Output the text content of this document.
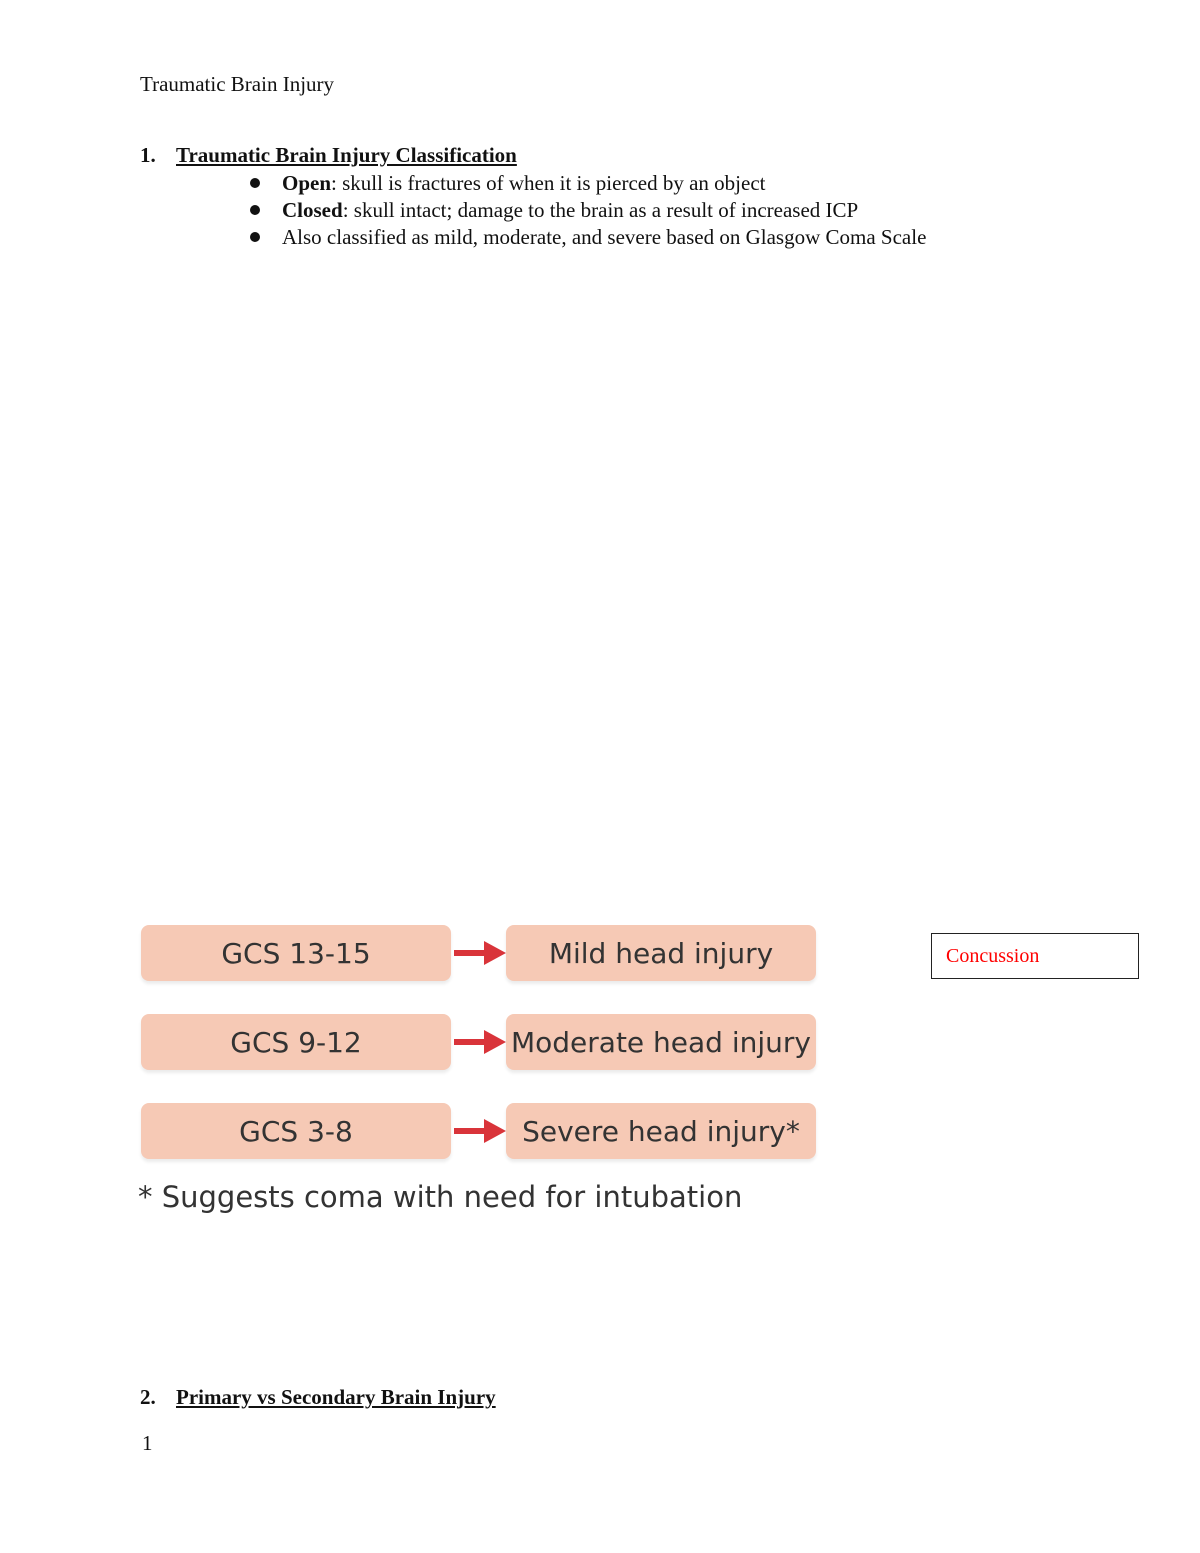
Traumatic Brain Injury
1. Traumatic Brain Injury Classification
Open: skull is fractures of when it is pierced by an object
Closed: skull intact; damage to the brain as a result of increased ICP
Also classified as mild, moderate, and severe based on Glasgow Coma Scale
GCS 13-15	Mild head injury
GCS 9-12	Moderate head injury
GCS 3-8	Severe head injury*
* Suggests coma with need for intubation
Concussion
2. Primary vs Secondary Brain Injury
1
